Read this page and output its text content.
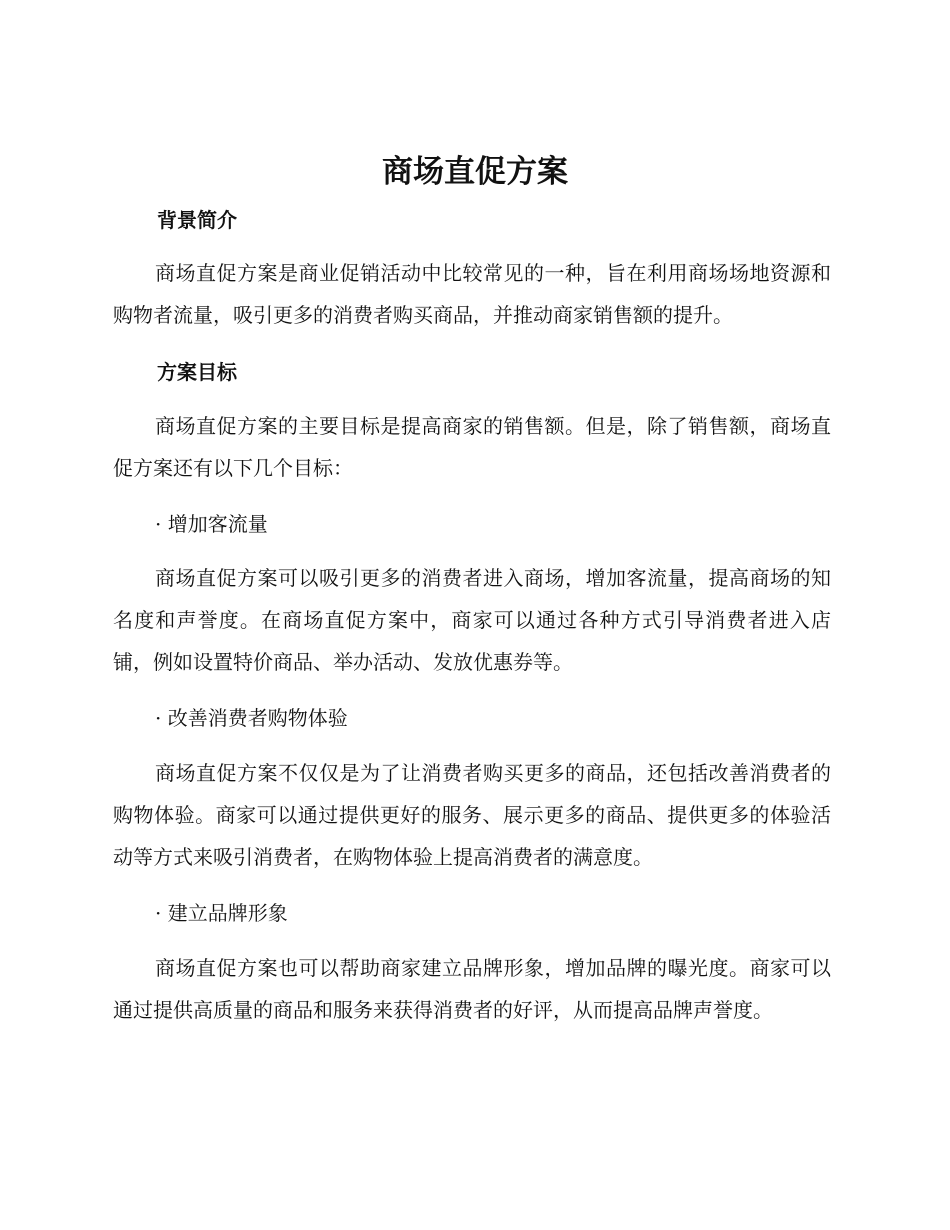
商场直促方案
背景简介

商场直促方案是商业促销活动中比较常见的一种，旨在利用商场场地资源和购物者流量，吸引更多的消费者购买商品，并推动商家销售额的提升。

方案目标

商场直促方案的主要目标是提高商家的销售额。但是，除了销售额，商场直促方案还有以下几个目标：

· 增加客流量

商场直促方案可以吸引更多的消费者进入商场，增加客流量，提高商场的知名度和声誉度。在商场直促方案中，商家可以通过各种方式引导消费者进入店铺，例如设置特价商品、举办活动、发放优惠券等。

· 改善消费者购物体验

商场直促方案不仅仅是为了让消费者购买更多的商品，还包括改善消费者的购物体验。商家可以通过提供更好的服务、展示更多的商品、提供更多的体验活动等方式来吸引消费者，在购物体验上提高消费者的满意度。

· 建立品牌形象

商场直促方案也可以帮助商家建立品牌形象，增加品牌的曝光度。商家可以通过提供高质量的商品和服务来获得消费者的好评，从而提高品牌声誉度。
